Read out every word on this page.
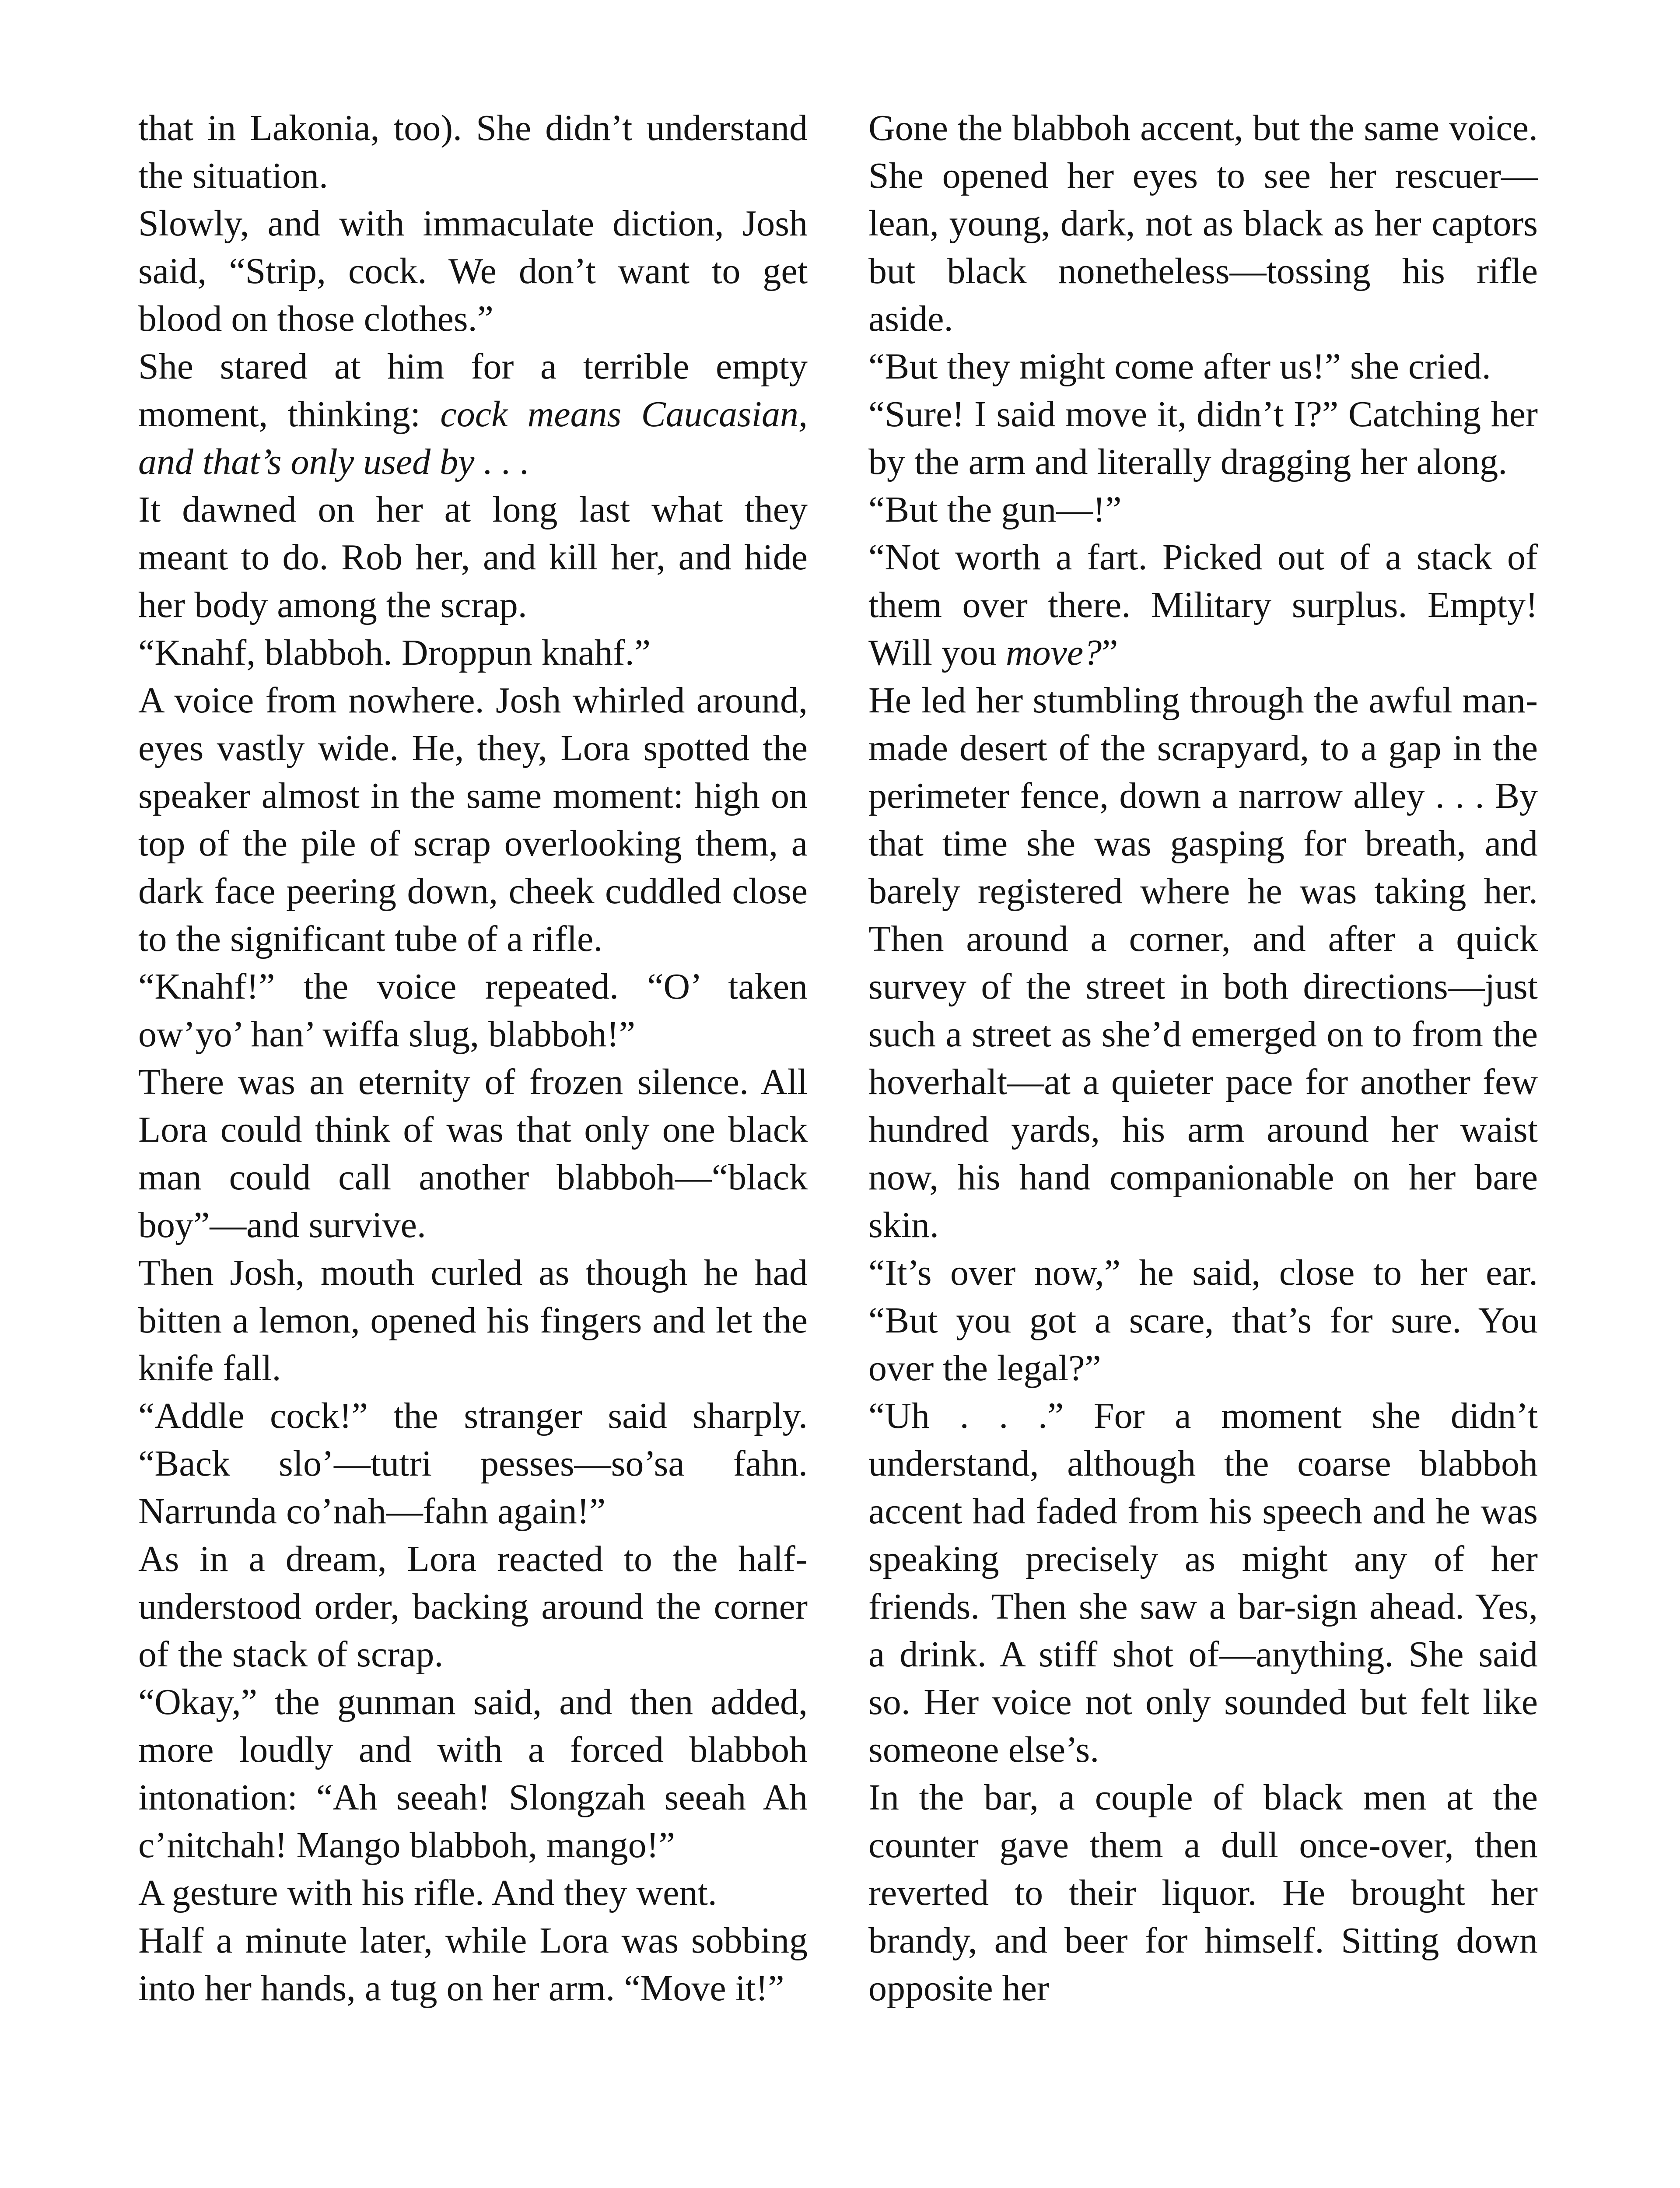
that in Lakonia, too). She didn’t understand the situation.

Slowly, and with immaculate diction, Josh said, “Strip, cock. We don’t want to get blood on those clothes.”

She stared at him for a terrible empty moment, thinking: cock means Caucasian, and that’s only used by . . .

It dawned on her at long last what they meant to do. Rob her, and kill her, and hide her body among the scrap.

“Knahf, blabboh. Droppun knahf.”

A voice from nowhere. Josh whirled around, eyes vastly wide. He, they, Lora spotted the speaker almost in the same moment: high on top of the pile of scrap overlooking them, a dark face peering down, cheek cuddled close to the significant tube of a rifle.

“Knahf!” the voice repeated. “O’ taken ow’yo’ han’ wiffa slug, blabboh!”

There was an eternity of frozen silence. All Lora could think of was that only one black man could call another blabboh—“black boy”—and survive.

Then Josh, mouth curled as though he had bitten a lemon, opened his fingers and let the knife fall.

“Addle cock!” the stranger said sharply. “Back slo’—tutri pesses—so’sa fahn. Narrunda co’nah—fahn again!”

As in a dream, Lora reacted to the half-understood order, backing around the corner of the stack of scrap.

“Okay,” the gunman said, and then added, more loudly and with a forced blabboh intonation: “Ah seeah! Slongzah seeah Ah c’nitchah! Mango blabboh, mango!”

A gesture with his rifle. And they went.

Half a minute later, while Lora was sobbing into her hands, a tug on her arm. “Move it!”

Gone the blabboh accent, but the same voice. She opened her eyes to see her rescuer—lean, young, dark, not as black as her captors but black nonetheless—tossing his rifle aside.

“But they might come after us!” she cried.

“Sure! I said move it, didn’t I?” Catching her by the arm and literally dragging her along.

“But the gun—!”

“Not worth a fart. Picked out of a stack of them over there. Military surplus. Empty! Will you move?”

He led her stumbling through the awful man-made desert of the scrapyard, to a gap in the perimeter fence, down a narrow alley . . . By that time she was gasping for breath, and barely registered where he was taking her. Then around a corner, and after a quick survey of the street in both directions—just such a street as she’d emerged on to from the hoverhalt—at a quieter pace for another few hundred yards, his arm around her waist now, his hand companionable on her bare skin.

“It’s over now,” he said, close to her ear. “But you got a scare, that’s for sure. You over the legal?”

“Uh . . .” For a moment she didn’t understand, although the coarse blabboh accent had faded from his speech and he was speaking precisely as might any of her friends. Then she saw a bar-sign ahead. Yes, a drink. A stiff shot of—anything. She said so. Her voice not only sounded but felt like someone else’s.

In the bar, a couple of black men at the counter gave them a dull once-over, then reverted to their liquor. He brought her brandy, and beer for himself. Sitting down opposite her
